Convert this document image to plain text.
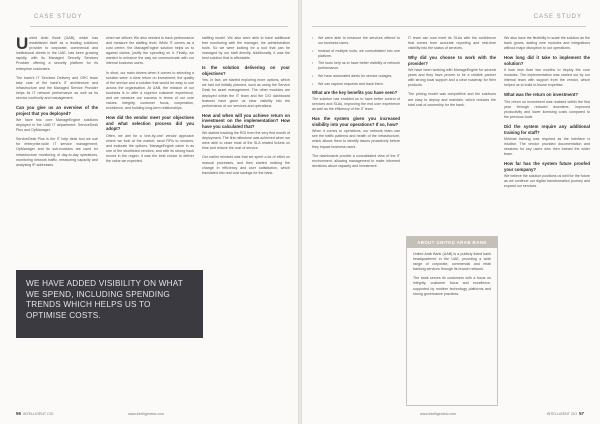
CASE STUDY

United Arab Bank (UAB), which has established itself as a leading solutions provider to corporate, commercial and institutional clients in the UAE, has been growing rapidly, with its Managed Security Services Provider offering a security platform for its enterprise customers.

The bank's IT Services Delivery and GRC team take care of the bank's IT architecture and infrastructure and the Managed Service Provider helps its IT network performance as well as its service continuity and management.

Can you give us an overview of the project that you deployed?

We have two core ManageEngine solutions deployed in the UAB IT department: ServiceDesk Plus and OpManager.

ServiceDesk Plus is the IT help desk tool we use for enterprise-wide IT service management, OpManager and its sub-modules are used for infrastructure monitoring of day-to-day operations, monitoring network traffic, measuring capacity and analysing IP addresses.

when we deliver. We also needed to track performance and measure the staffing level. While IT comes as a cost centre, the ManageEngine solution helps us to against claims, justify the spending on it. Finally, we wanted to enhance the way we communicate with our internal business users.

In short, our main drivers when it comes to selecting a solution were: a clear return on investment, the quality of the service and a solution that would be easy to use across the organisation. At UAB, the mission of our business is to offer a superior customer experience, and we measure our success in terms of our core values: integrity, customer focus, cooperation, excellence, and building long-term relationships.

How did the vendor meet your objectives and what selection process did you adopt?

Often, we aim for a 'one-by-one' vendor approach where we look at the market, send RFIs to vendors, and evaluate the options. ManageEngine came in as one of the shortlisted vendors, and with its strong track record in the region, it was the best choice to deliver the value we expected.

staffing model. We also were able to have additional free monitoring with the manager, the administration tools. So we were looking for a tool that can be managed by our staff directly. Additionally, it was the best solution that is affordable.

Is the solution delivering on your objectives?

Yes. In fact, we started exploring more options, which we had not initially planned, such as using the Service Desk for asset management. The other modules are deployed within the IT team and the CIO dashboard features have given us clear visibility into the performance of our services and operations.

How and when will you achieve return on investment on the implementation? How have you calculated that?

We started tracking the ROI from the very first month of deployment. The first milestone was achieved when we were able to close most of the SLA related tickets on time and reduce the cost of service.

Our earlier mindset was that we spent a lot of effort on manual processes, and then started noticing the change in efficiency and user satisfaction, which translated into real cost savings for the bank.

WE HAVE ADDED VISIBILITY ON WHAT WE SPEND, INCLUDING SPENDING TRENDS WHICH HELPS US TO OPTIMISE COSTS.
56 INTELLIGENT CIO	www.intelligentcio.com
CASE STUDY
• We were able to measure the services offered to our business users.
• Instead of multiple tools, we consolidated into one platform.
• The tools help us to have better visibility of network performance.
• We have automated alerts for service outages.
• We can capture requests and track them.
What are the key benefits you have seen?

The solution has enabled us to have better control of services and SLAs, improving the end user experience as well as the efficiency of the IT team.

Has the system given you increased visibility into your operations? If so, how?

When it comes to operations, our network team can see the traffic patterns and health of the infrastructure, which allows them to identify issues proactively before they impact business users.

The dashboards provide a consolidated view of the IT environment, allowing management to make informed decisions about capacity and investment.

IT team can now meet its SLAs with the confidence that comes from accurate reporting and real-time visibility into the status of services.

Why did you choose to work with the provider?

We have been working with ManageEngine for several years and they have proven to be a reliable partner with strong local support and a clear roadmap for their products.

The pricing model was competitive and the solutions are easy to deploy and maintain, which reduces the total cost of ownership for the bank.

ABOUT UNITED ARAB BANK

United Arab Bank (UAB) is a publicly listed bank headquartered in the UAE, providing a wide range of corporate, commercial and retail banking services through its branch network.

The bank serves its customers with a focus on integrity, customer focus and excellence, supported by modern technology platforms and strong governance practices.

We also have the flexibility to scale the solution as the bank grows, adding new modules and integrations without major disruption to our operations.

How long did it take to implement the solution?

It took less than two months to deploy the core modules. The implementation was carried out by our internal team with support from the vendor, which helped us to build in-house expertise.

What was the return on investment?

The return on investment was realised within the first year through reduced downtime, improved productivity and lower licensing costs compared to the previous tools.

Did the system require any additional training for staff?

Minimal training was required as the interface is intuitive. The vendor provided documentation and sessions for key users who then trained the wider team.

How far has the system future proofed your company?

We believe the solution positions us well for the future as we continue our digital transformation journey and expand our services.

www.intelligentcio.com	INTELLIGENT CIO 57
